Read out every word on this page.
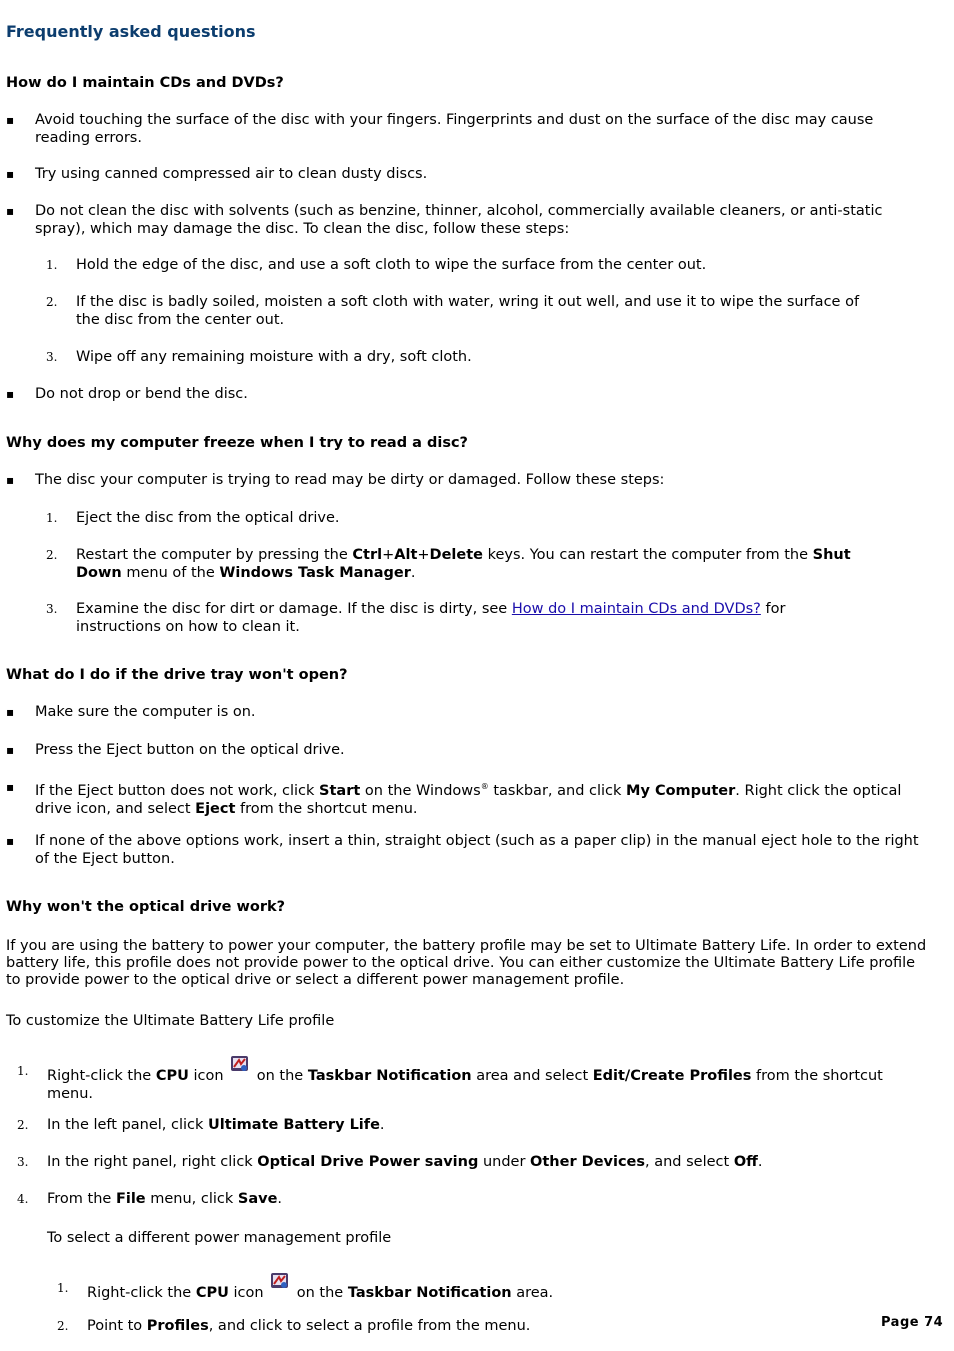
Frequently asked questions
How do I maintain CDs and DVDs?
▪ Avoid touching the surface of the disc with your fingers. Fingerprints and dust on the surface of the disc may cause reading errors.
▪ Try using canned compressed air to clean dusty discs.
▪ Do not clean the disc with solvents (such as benzine, thinner, alcohol, commercially available cleaners, or anti-static spray), which may damage the disc. To clean the disc, follow these steps:
1. Hold the edge of the disc, and use a soft cloth to wipe the surface from the center out.
2. If the disc is badly soiled, moisten a soft cloth with water, wring it out well, and use it to wipe the surface of the disc from the center out.
3. Wipe off any remaining moisture with a dry, soft cloth.
▪ Do not drop or bend the disc.
Why does my computer freeze when I try to read a disc?
▪ The disc your computer is trying to read may be dirty or damaged. Follow these steps:
1. Eject the disc from the optical drive.
2. Restart the computer by pressing the Ctrl+Alt+Delete keys. You can restart the computer from the Shut Down menu of the Windows Task Manager.
3. Examine the disc for dirt or damage. If the disc is dirty, see How do I maintain CDs and DVDs? for instructions on how to clean it.
What do I do if the drive tray won't open?
▪ Make sure the computer is on.
▪ Press the Eject button on the optical drive.
▪ If the Eject button does not work, click Start on the Windows® taskbar, and click My Computer. Right click the optical drive icon, and select Eject from the shortcut menu.
▪ If none of the above options work, insert a thin, straight object (such as a paper clip) in the manual eject hole to the right of the Eject button.
Why won't the optical drive work?
If you are using the battery to power your computer, the battery profile may be set to Ultimate Battery Life. In order to extend battery life, this profile does not provide power to the optical drive. You can either customize the Ultimate Battery Life profile to provide power to the optical drive or select a different power management profile.
To customize the Ultimate Battery Life profile
1. Right-click the CPU icon  on the Taskbar Notification area and select Edit/Create Profiles from the shortcut menu.
2. In the left panel, click Ultimate Battery Life.
3. In the right panel, right click Optical Drive Power saving under Other Devices, and select Off.
4. From the File menu, click Save.
To select a different power management profile
1. Right-click the CPU icon  on the Taskbar Notification area.
2. Point to Profiles, and click to select a profile from the menu.	Page 74
